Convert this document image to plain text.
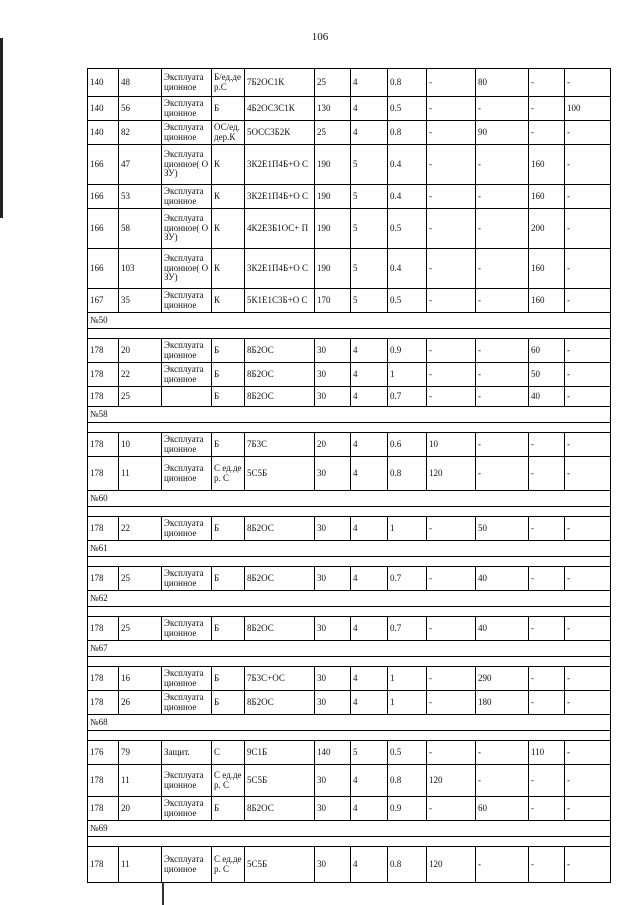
106
140	48	Эксплуата ционное	Б/ед.де р.С	7Б2ОС1К	25	4	0.8	-	80	-	-
140	56	Эксплуата ционное	Б	4Б2ОС3С1К	130	4	0.5	-	-	-	100
140	82	Эксплуата ционное	ОС/ед. дер.К	5ОСС3Б2К	25	4	0.8	-	90	-	-
166	47	Эксплуата ционное( ОЗУ)	К	3К2Е1П4Б+О С	190	5	0.4	-	-	160	-
166	53	Эксплуата ционное	К	3К2Е1П4Б+О С	190	5	0.4	-	-	160	-
166	58	Эксплуата ционное( ОЗУ)	К	4К2Е3Б1ОС+ П	190	5	0.5	-	-	200	-
166	103	Эксплуата ционное( ОЗУ)	К	3К2Е1П4Б+О С	190	5	0.4	-	-	160	-
167	35	Эксплуата ционное	К	5К1Е1С3Б+О С	170	5	0.5	-	-	160	-
№50											

178	20	Эксплуата ционное	Б	8Б2ОС	30	4	0.9	-	-	60	-
178	22	Эксплуата ционное	Б	8Б2ОС	30	4	1	-	-	50	-
178	25		Б	8Б2ОС	30	4	0.7	-	-	40	-
№58											

178	10	Эксплуата ционное	Б	7Б3С	20	4	0.6	10	-	-	-
178	11	Эксплуата ционное	С ед.дер. С	5С5Б	30	4	0.8	120	-	-	-
№60											

178	22	Эксплуата ционное	Б	8Б2ОС	30	4	1	-	50	-	-
№61											

178	25	Эксплуата ционное	Б	8Б2ОС	30	4	0.7	-	40	-	-
№62											

178	25	Эксплуата ционное	Б	8Б2ОС	30	4	0.7	-	40	-	-
№67											

178	16	Эксплуата ционное	Б	7Б3С+ОС	30	4	1	-	290	-	-
178	26	Эксплуата ционное	Б	8Б2ОС	30	4	1	-	180	-	-
№68											

176	79	Защит.	С	9С1Б	140	5	0.5	-	-	110	-
178	11	Эксплуата ционное	С ед.дер. С	5С5Б	30	4	0.8	120	-	-	-
178	20	Эксплуата ционное	Б	8Б2ОС	30	4	0.9	-	60	-	-
№69											

178	11	Эксплуата ционное	С ед.дер. С	5С5Б	30	4	0.8	120	-	-	-
